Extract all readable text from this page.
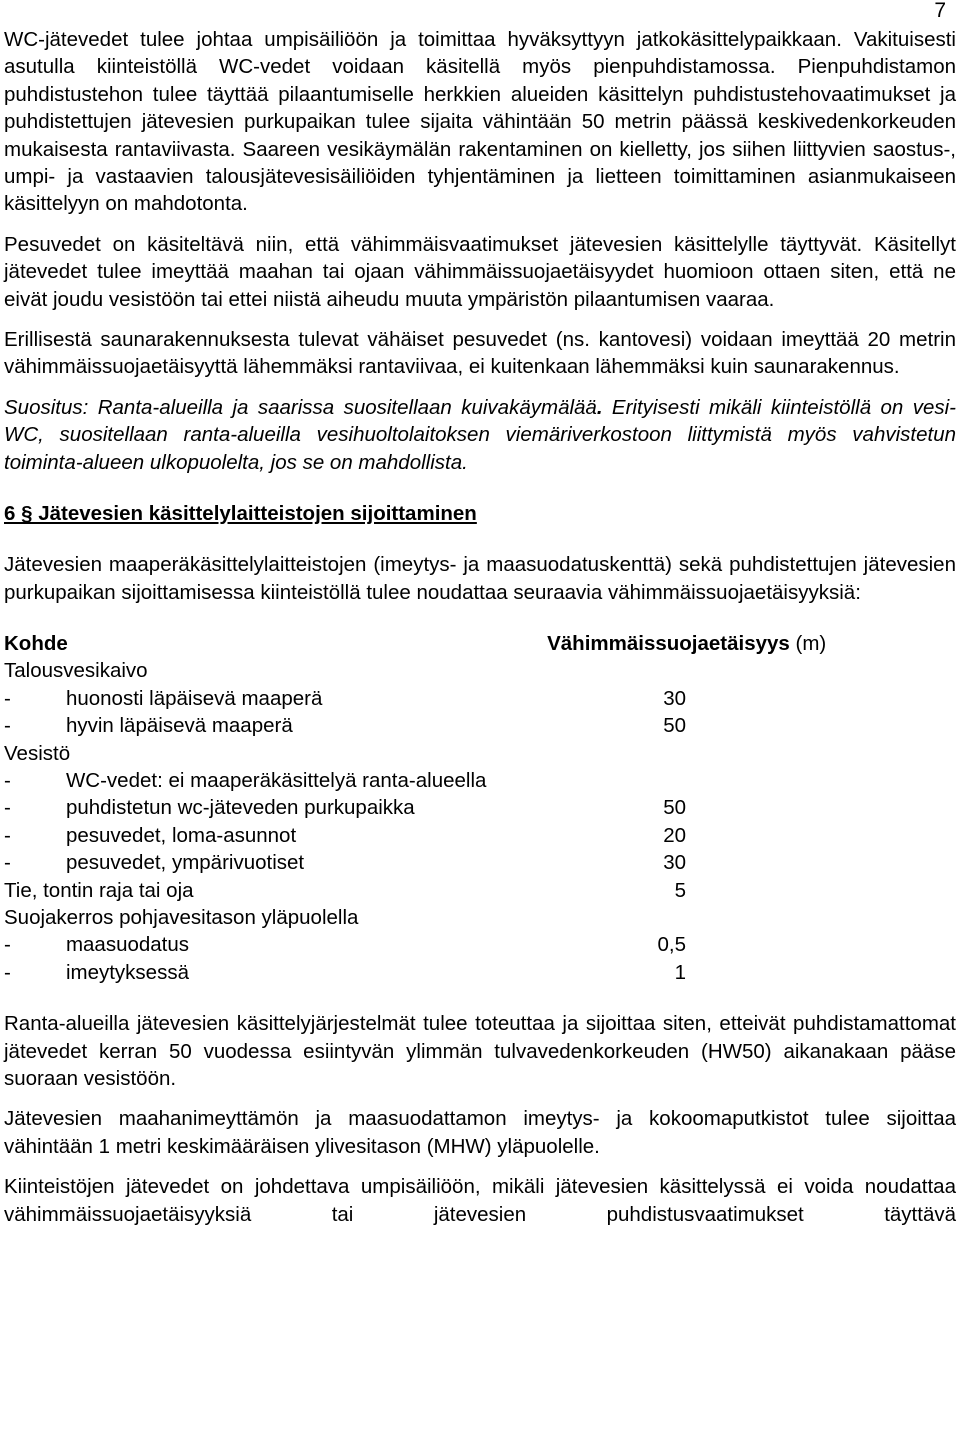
7

WC-jätevedet tulee johtaa umpisäiliöön ja toimittaa hyväksyttyyn jatkokäsittelypaikkaan. Vakituisesti asutulla kiinteistöllä WC-vedet voidaan käsitellä myös pienpuhdistamossa. Pienpuhdistamon puhdistustehon tulee täyttää pilaantumiselle herkkien alueiden käsittelyn puhdistustehovaatimukset ja puhdistettujen jätevesien purkupaikan tulee sijaita vähintään 50 metrin päässä keskivedenkorkeuden mukaisesta rantaviivasta. Saareen vesikäymälän rakentaminen on kielletty, jos siihen liittyvien saostus-, umpi- ja vastaavien talousjätevesisäiliöiden tyhjentäminen ja lietteen toimittaminen asianmukaiseen käsittelyyn on mahdotonta.

Pesuvedet on käsiteltävä niin, että vähimmäisvaatimukset jätevesien käsittelylle täyttyvät. Käsitellyt jätevedet tulee imeyttää maahan tai ojaan vähimmäissuojaetäisyydet huomioon ottaen siten, että ne eivät joudu vesistöön tai ettei niistä aiheudu muuta ympäristön pilaantumisen vaaraa.

Erillisestä saunarakennuksesta tulevat vähäiset pesuvedet (ns. kantovesi) voidaan imeyttää 20 metrin vähimmäissuojaetäisyyttä lähemmäksi rantaviivaa, ei kuitenkaan lähemmäksi kuin saunarakennus.

Suositus: Ranta-alueilla ja saarissa suositellaan kuivakäymälää. Erityisesti mikäli kiinteistöllä on vesi-WC, suositellaan ranta-alueilla vesihuoltolaitoksen viemäriverkostoon liittymistä myös vahvistetun toiminta-alueen ulkopuolelta, jos se on mahdollista.

6 § Jätevesien käsittelylaitteistojen sijoittaminen

Jätevesien maaperäkäsittelylaitteistojen (imeytys- ja maasuodatuskenttä) sekä puhdistettujen jätevesien purkupaikan sijoittamisessa kiinteistöllä tulee noudattaa seuraavia vähimmäissuojaetäisyyksiä:

Kohde		Vähimmäissuojaetäisyys (m)
Talousvesikaivo		
-	huonosti läpäisevä maaperä	30
-	hyvin läpäisevä maaperä	50
Vesistö		
-	WC-vedet: ei maaperäkäsittelyä ranta-alueella	
-	puhdistetun wc-jäteveden purkupaikka	50
-	pesuvedet, loma-asunnot	20
-	pesuvedet, ympärivuotiset	30
Tie, tontin raja tai oja		5
Suojakerros pohjavesitason yläpuolella		
-	maasuodatus	0,5
-	imeytyksessä	1

Ranta-alueilla jätevesien käsittelyjärjestelmät tulee toteuttaa ja sijoittaa siten, etteivät puhdistamattomat jätevedet kerran 50 vuodessa esiintyvän ylimmän tulvavedenkorkeuden (HW50) aikanakaan pääse suoraan vesistöön.

Jätevesien maahanimeyttämön ja maasuodattamon imeytys- ja kokoomaputkistot tulee sijoittaa vähintään 1 metri keskimääräisen ylivesitason (MHW) yläpuolelle.

Kiinteistöjen jätevedet on johdettava umpisäiliöön, mikäli jätevesien käsittelyssä ei voida noudattaa vähimmäissuojaetäisyyksiä tai jätevesien puhdistusvaatimukset täyttävä
